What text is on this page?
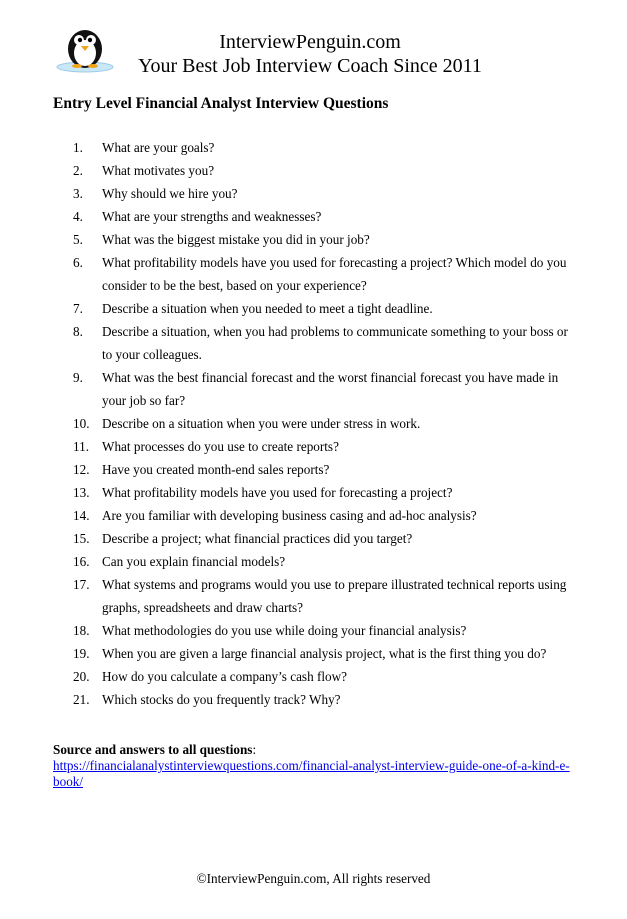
InterviewPenguin.com
Your Best Job Interview Coach Since 2011
Entry Level Financial Analyst Interview Questions
1.	What are your goals?
2.	What motivates you?
3.	Why should we hire you?
4.	What are your strengths and weaknesses?
5.	What was the biggest mistake you did in your job?
6.	What profitability models have you used for forecasting a project? Which model do you consider to be the best, based on your experience?
7.	Describe a situation when you needed to meet a tight deadline.
8.	Describe a situation, when you had problems to communicate something to your boss or to your colleagues.
9.	What was the best financial forecast and the worst financial forecast you have made in your job so far?
10. Describe on a situation when you were under stress in work.
11. What processes do you use to create reports?
12. Have you created month-end sales reports?
13. What profitability models have you used for forecasting a project?
14. Are you familiar with developing business casing and ad-hoc analysis?
15. Describe a project; what financial practices did you target?
16. Can you explain financial models?
17. What systems and programs would you use to prepare illustrated technical reports using graphs, spreadsheets and draw charts?
18. What methodologies do you use while doing your financial analysis?
19. When you are given a large financial analysis project, what is the first thing you do?
20. How do you calculate a company’s cash flow?
21. Which stocks do you frequently track? Why?
Source and answers to all questions:
https://financialanalystinterviewquestions.com/financial-analyst-interview-guide-one-of-a-kind-e-book/
©InterviewPenguin.com, All rights reserved
